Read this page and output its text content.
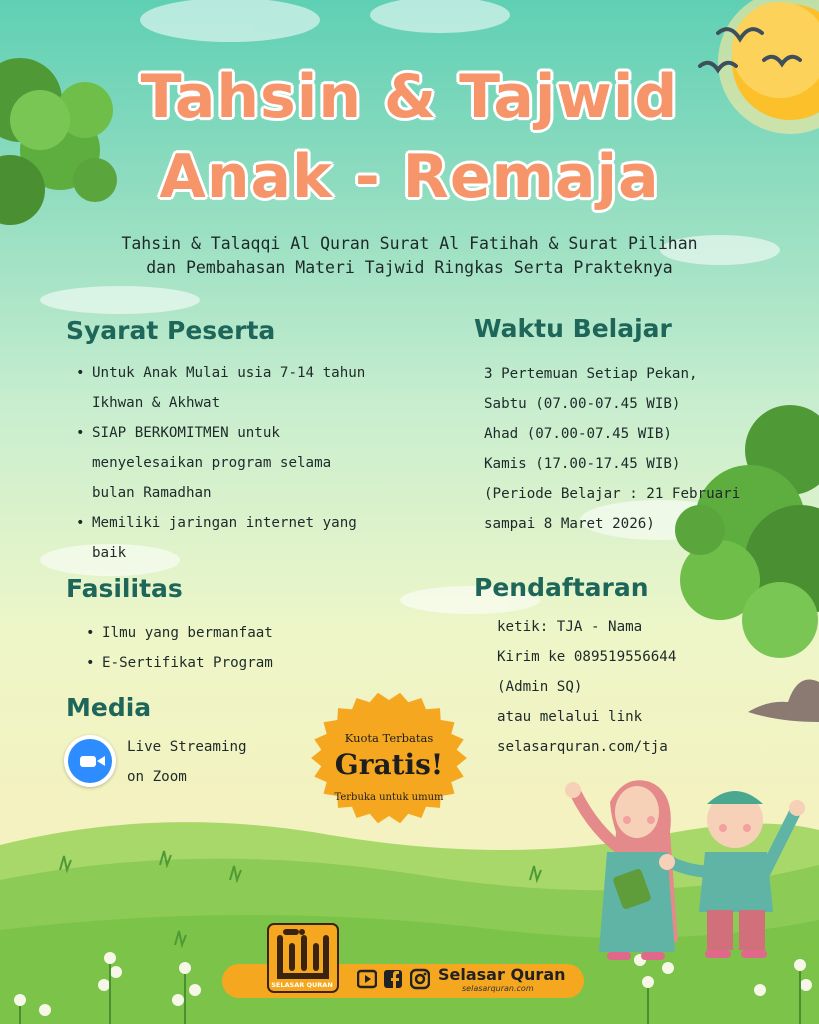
Tahsin & Tajwid
Anak - Remaja
Tahsin & Talaqqi Al Quran Surat Al Fatihah & Surat Pilihan
dan Pembahasan Materi Tajwid Ringkas Serta Prakteknya
Syarat Peserta
• Untuk Anak Mulai usia 7-14 tahun
Ikhwan & Akhwat
• SIAP BERKOMITMEN untuk
menyelesaikan program selama
bulan Ramadhan
• Memiliki jaringan internet yang
baik
Fasilitas
• Ilmu yang bermanfaat
• E-Sertifikat Program
Media
Live Streaming
on Zoom
Waktu Belajar
3 Pertemuan Setiap Pekan,
Sabtu (07.00-07.45 WIB)
Ahad (07.00-07.45 WIB)
Kamis (17.00-17.45 WIB)
(Periode Belajar : 21 Februari
sampai 8 Maret 2026)
Pendaftaran
ketik: TJA - Nama
Kirim ke 089519556644
(Admin SQ)
atau melalui link
selasarquran.com/tja
Kuota Terbatas
Gratis!
Terbuka untuk umum
SELASAR QURAN
Selasar Quran
selasarquran.com
